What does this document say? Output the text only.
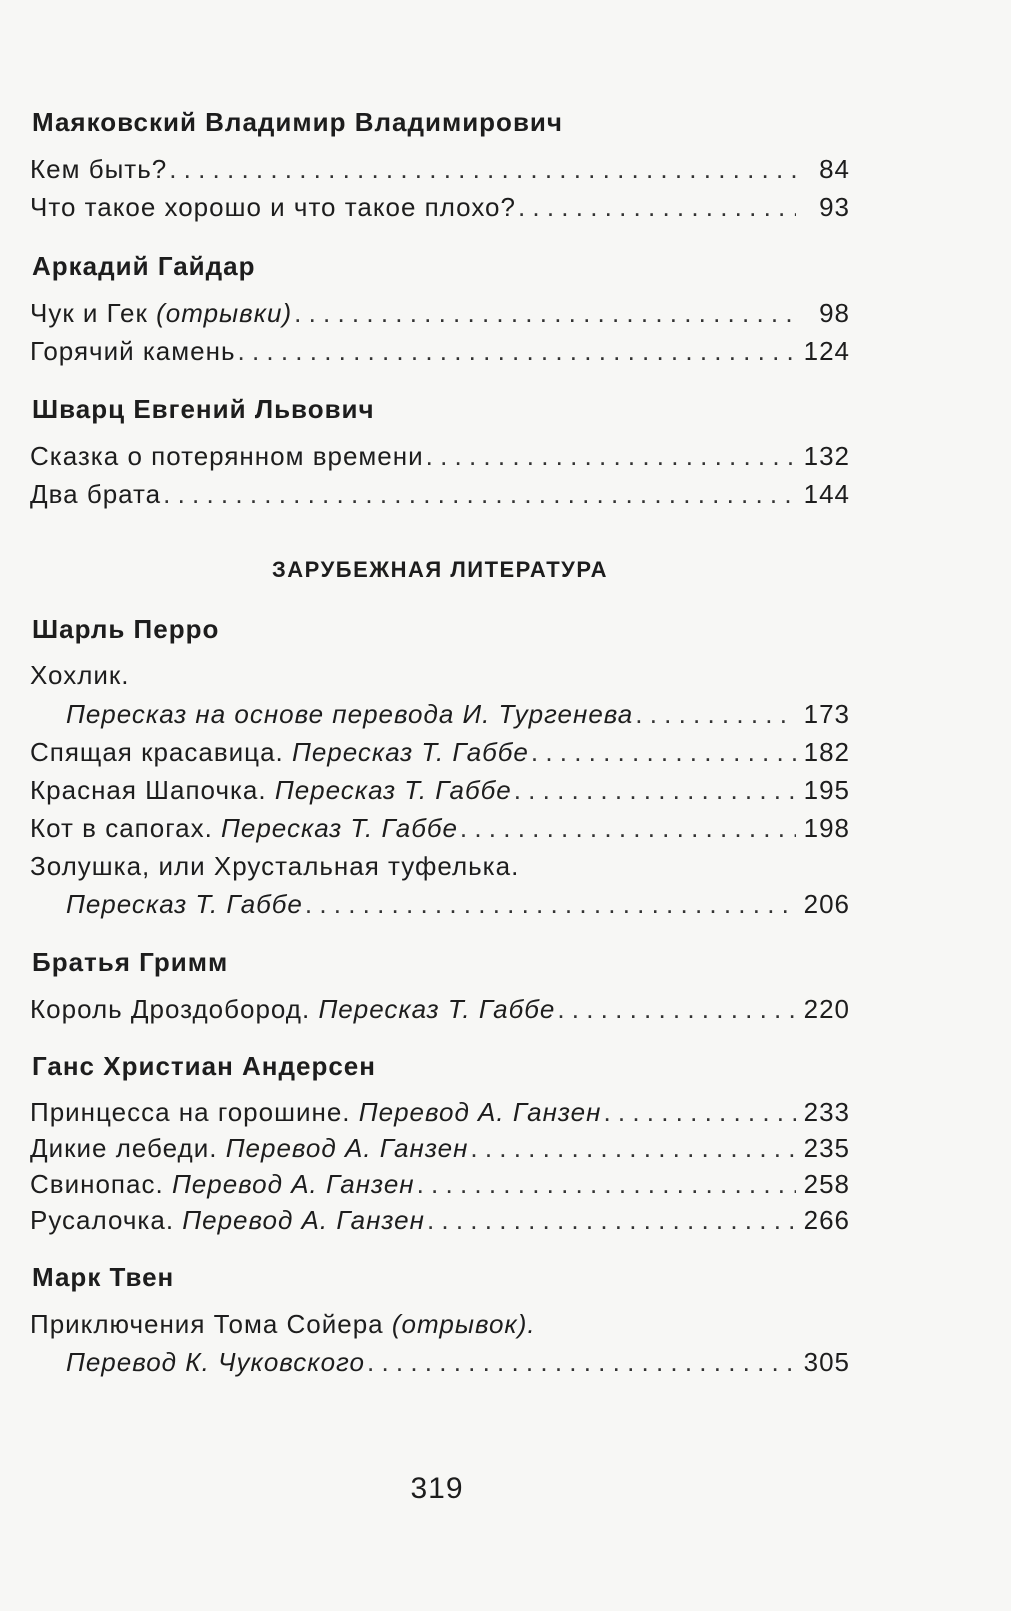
Маяковский Владимир Владимирович
Кем быть? . . .	84
Что такое хорошо и что такое плохо? . . .	93
Аркадий Гайдар
Чук и Гек (отрывки) . . .	98
Горячий камень . . .	124
Шварц Евгений Львович
Сказка о потерянном времени . . .	132
Два брата . . .	144
ЗАРУБЕЖНАЯ ЛИТЕРАТУРА
Шарль Перро
Хохлик.
Пересказ на основе перевода И. Тургенева . . .	173
Спящая красавица. Пересказ Т. Габбе . . .	182
Красная Шапочка. Пересказ Т. Габбе . . .	195
Кот в сапогах. Пересказ Т. Габбе . . .	198
Золушка, или Хрустальная туфелька.
Пересказ Т. Габбе . . .	206
Братья Гримм
Король Дроздобород. Пересказ Т. Габбе . . .	220
Ганс Христиан Андерсен
Принцесса на горошине. Перевод А. Ганзен . . .	233
Дикие лебеди. Перевод А. Ганзен . . .	235
Свинопас. Перевод А. Ганзен . . .	258
Русалочка. Перевод А. Ганзен . . .	266
Марк Твен
Приключения Тома Сойера (отрывок).
Перевод К. Чуковского . . .	305
319
